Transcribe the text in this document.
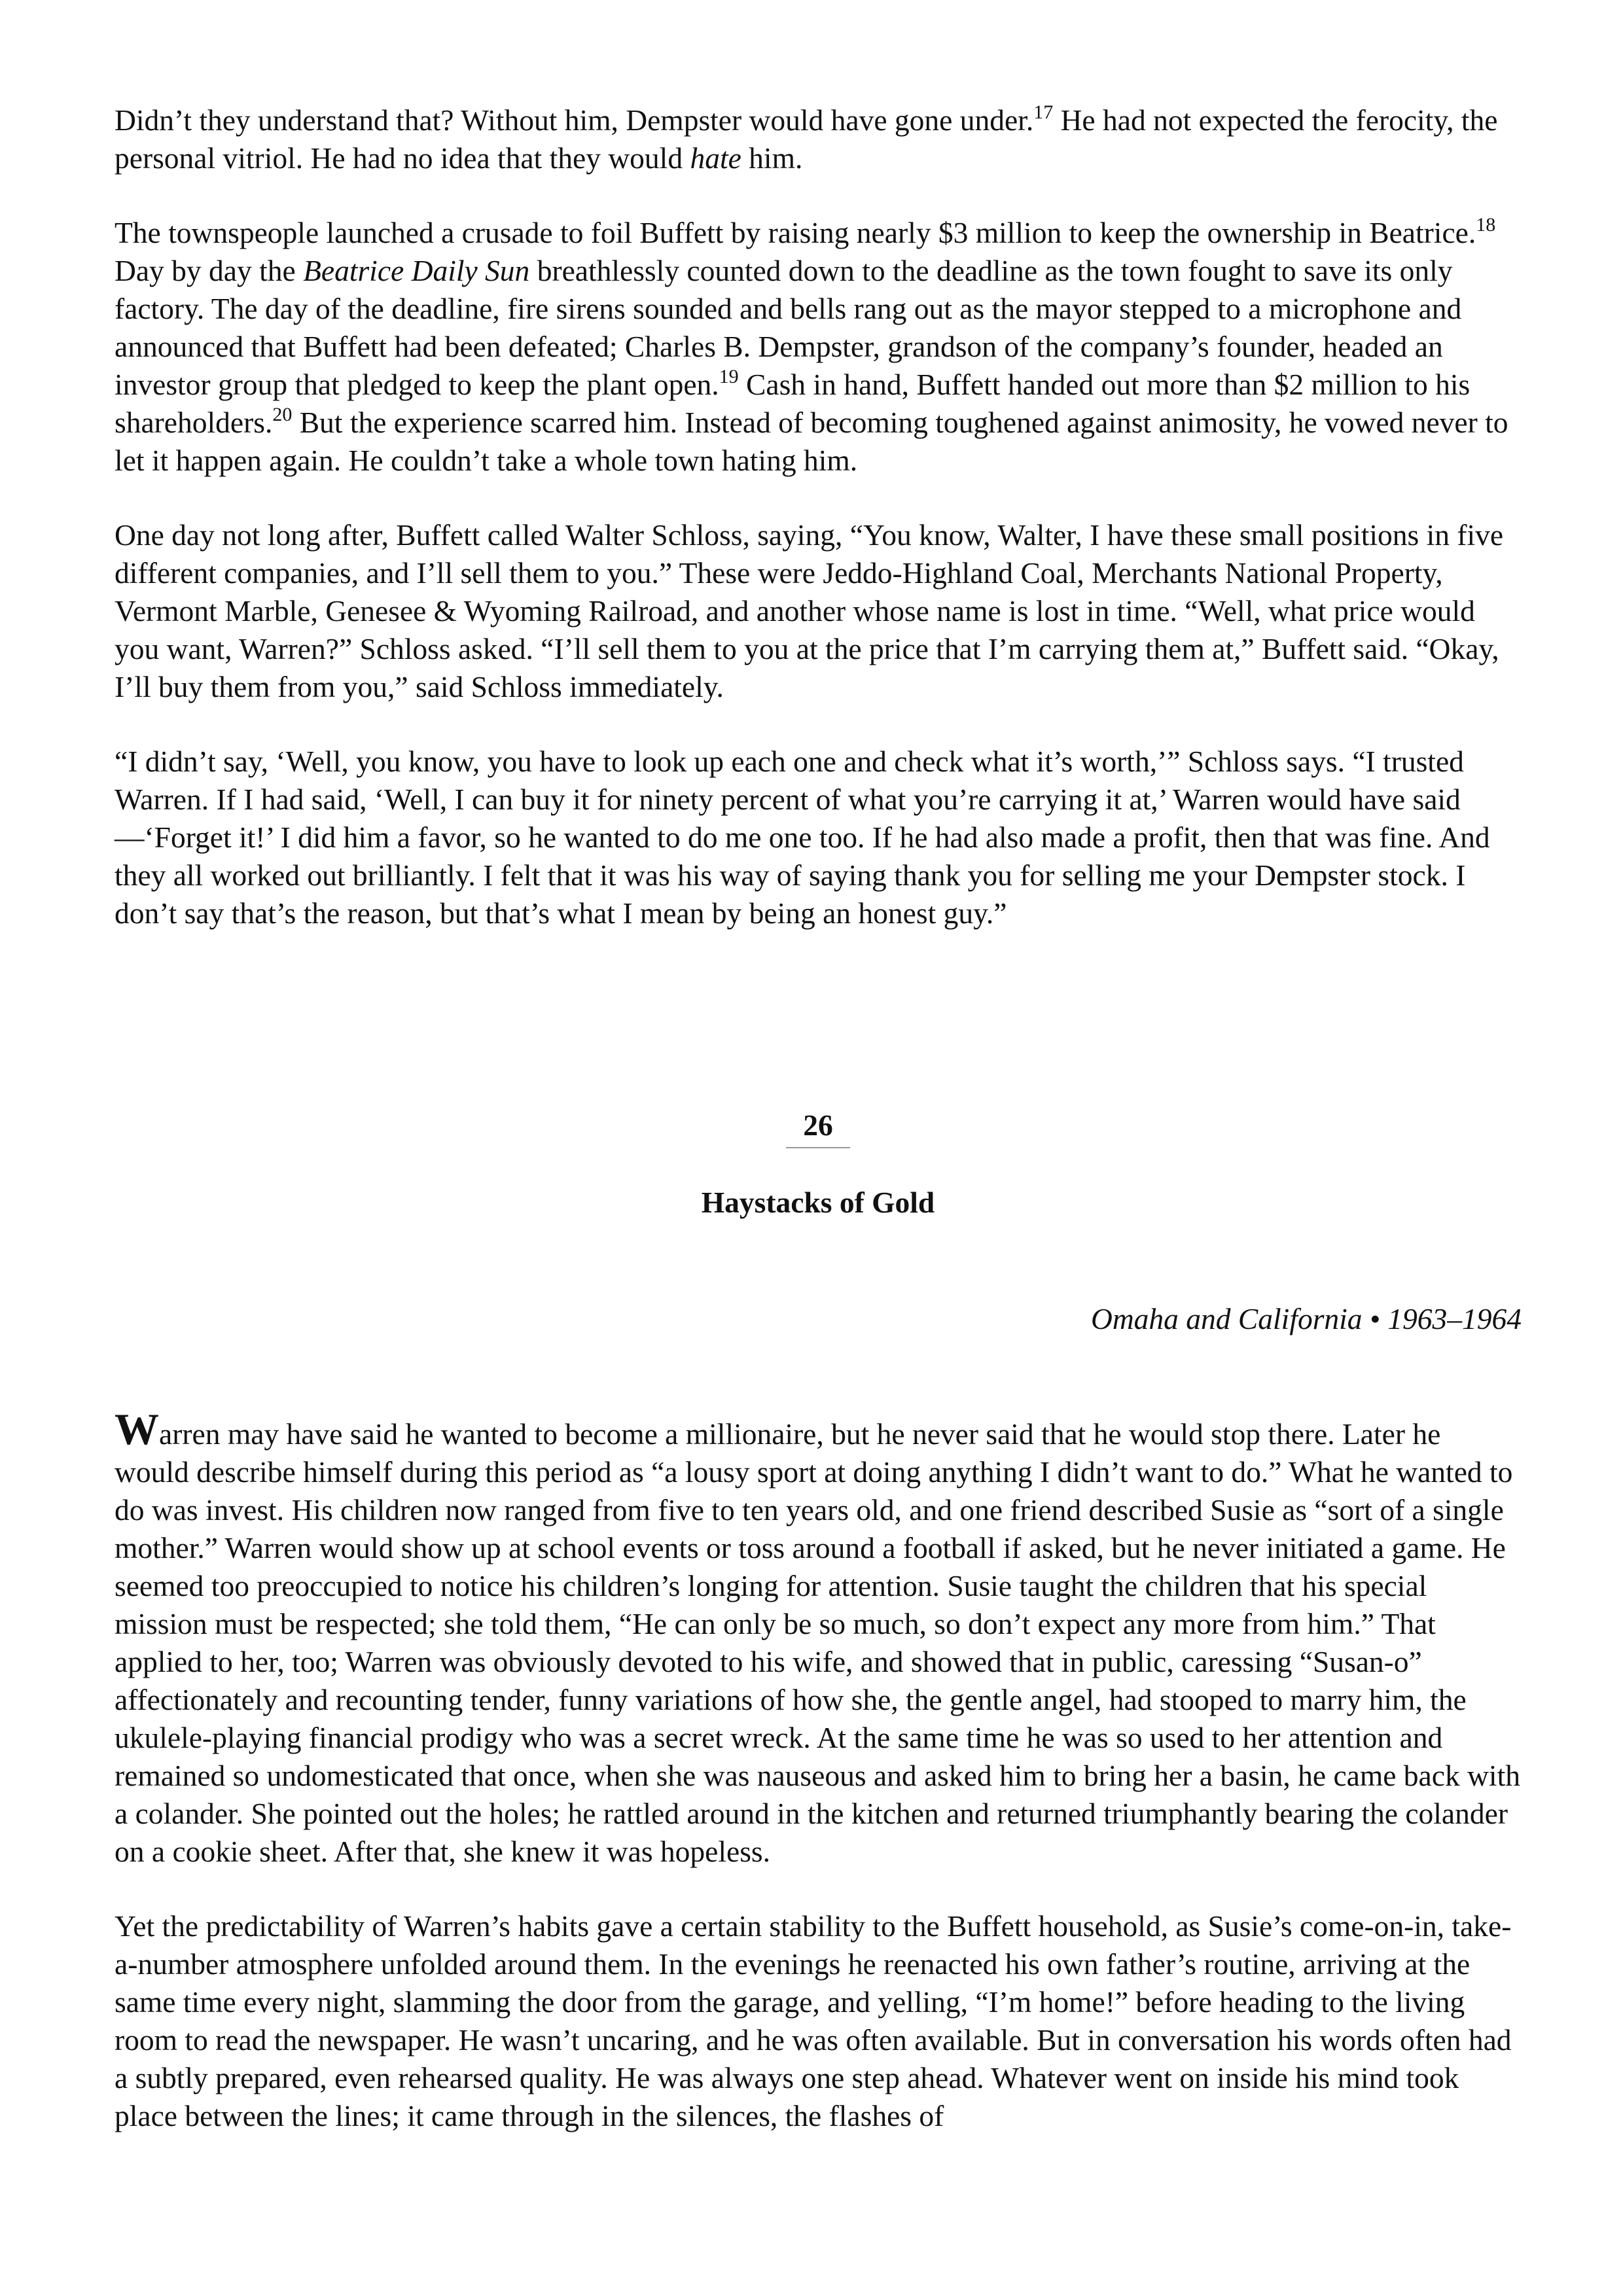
Didn’t they understand that? Without him, Dempster would have gone under.$^{17}$ He had not expected the ferocity, the personal vitriol. He had no idea that they would hate him.

The townspeople launched a crusade to foil Buffett by raising nearly $3 million to keep the ownership in Beatrice.$^{18}$ Day by day the Beatrice Daily Sun breathlessly counted down to the deadline as the town fought to save its only factory. The day of the deadline, fire sirens sounded and bells rang out as the mayor stepped to a microphone and announced that Buffett had been defeated; Charles B. Dempster, grandson of the company’s founder, headed an investor group that pledged to keep the plant open.$^{19}$ Cash in hand, Buffett handed out more than $2 million to his shareholders.$^{20}$ But the experience scarred him. Instead of becoming toughened against animosity, he vowed never to let it happen again. He couldn’t take a whole town hating him.

One day not long after, Buffett called Walter Schloss, saying, “You know, Walter, I have these small positions in five different companies, and I’ll sell them to you.” These were Jeddo-Highland Coal, Merchants National Property, Vermont Marble, Genesee & Wyoming Railroad, and another whose name is lost in time. “Well, what price would you want, Warren?” Schloss asked. “I’ll sell them to you at the price that I’m carrying them at,” Buffett said. “Okay, I’ll buy them from you,” said Schloss immediately.

“I didn’t say, ‘Well, you know, you have to look up each one and check what it’s worth,’” Schloss says. “I trusted Warren. If I had said, ‘Well, I can buy it for ninety percent of what you’re carrying it at,’ Warren would have said—‘Forget it!’ I did him a favor, so he wanted to do me one too. If he had also made a profit, then that was fine. And they all worked out brilliantly. I felt that it was his way of saying thank you for selling me your Dempster stock. I don’t say that’s the reason, but that’s what I mean by being an honest guy.”

26

Haystacks of Gold

Omaha and California • 1963–1964

Warren may have said he wanted to become a millionaire, but he never said that he would stop there. Later he would describe himself during this period as “a lousy sport at doing anything I didn’t want to do.” What he wanted to do was invest. His children now ranged from five to ten years old, and one friend described Susie as “sort of a single mother.” Warren would show up at school events or toss around a football if asked, but he never initiated a game. He seemed too preoccupied to notice his children’s longing for attention. Susie taught the children that his special mission must be respected; she told them, “He can only be so much, so don’t expect any more from him.” That applied to her, too; Warren was obviously devoted to his wife, and showed that in public, caressing “Susan-o” affectionately and recounting tender, funny variations of how she, the gentle angel, had stooped to marry him, the ukulele-playing financial prodigy who was a secret wreck. At the same time he was so used to her attention and remained so undomesticated that once, when she was nauseous and asked him to bring her a basin, he came back with a colander. She pointed out the holes; he rattled around in the kitchen and returned triumphantly bearing the colander on a cookie sheet. After that, she knew it was hopeless.

Yet the predictability of Warren’s habits gave a certain stability to the Buffett household, as Susie’s come-on-in, take-a-number atmosphere unfolded around them. In the evenings he reenacted his own father’s routine, arriving at the same time every night, slamming the door from the garage, and yelling, “I’m home!” before heading to the living room to read the newspaper. He wasn’t uncaring, and he was often available. But in conversation his words often had a subtly prepared, even rehearsed quality. He was always one step ahead. Whatever went on inside his mind took place between the lines; it came through in the silences, the flashes of
